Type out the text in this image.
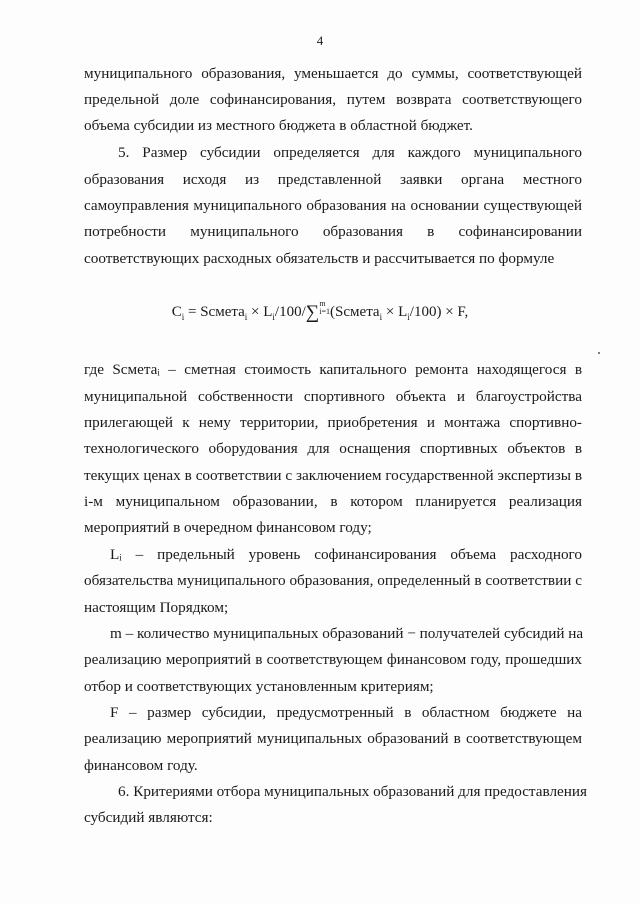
4
муниципального образования, уменьшается до суммы, соответствующей
предельной доле софинансирования, путем возврата соответствующего
объема субсидии из местного бюджета в областной бюджет.
5. Размер субсидии определяется для каждого муниципального
образования исходя из представленной заявки органа местного
самоуправления муниципального образования на основании существующей
потребности муниципального образования в софинансировании
соответствующих расходных обязательств и рассчитывается по формуле
$C_i$ = Sсмета$_i$ × $L_i/100/\sum m$
i=1(Sсмета$_i$ × $L_i/100) \times F$,
где Sсметаᵢ – сметная стоимость капитального ремонта находящегося в
муниципальной собственности спортивного объекта и благоустройства
прилегающей к нему территории, приобретения и монтажа спортивно-
технологического оборудования для оснащения спортивных объектов в
текущих ценах в соответствии с заключением государственной экспертизы в
i-м муниципальном образовании, в котором планируется реализация
мероприятий в очередном финансовом году;
Lᵢ – предельный уровень софинансирования объема расходного
обязательства муниципального образования, определенный в соответствии с
настоящим Порядком;
m – количество муниципальных образований − получателей субсидий на
реализацию мероприятий в соответствующем финансовом году, прошедших
отбор и соответствующих установленным критериям;
F – размер субсидии, предусмотренный в областном бюджете на
реализацию мероприятий муниципальных образований в соответствующем
финансовом году.
6. Критериями отбора муниципальных образований для предоставления
субсидий являются:
